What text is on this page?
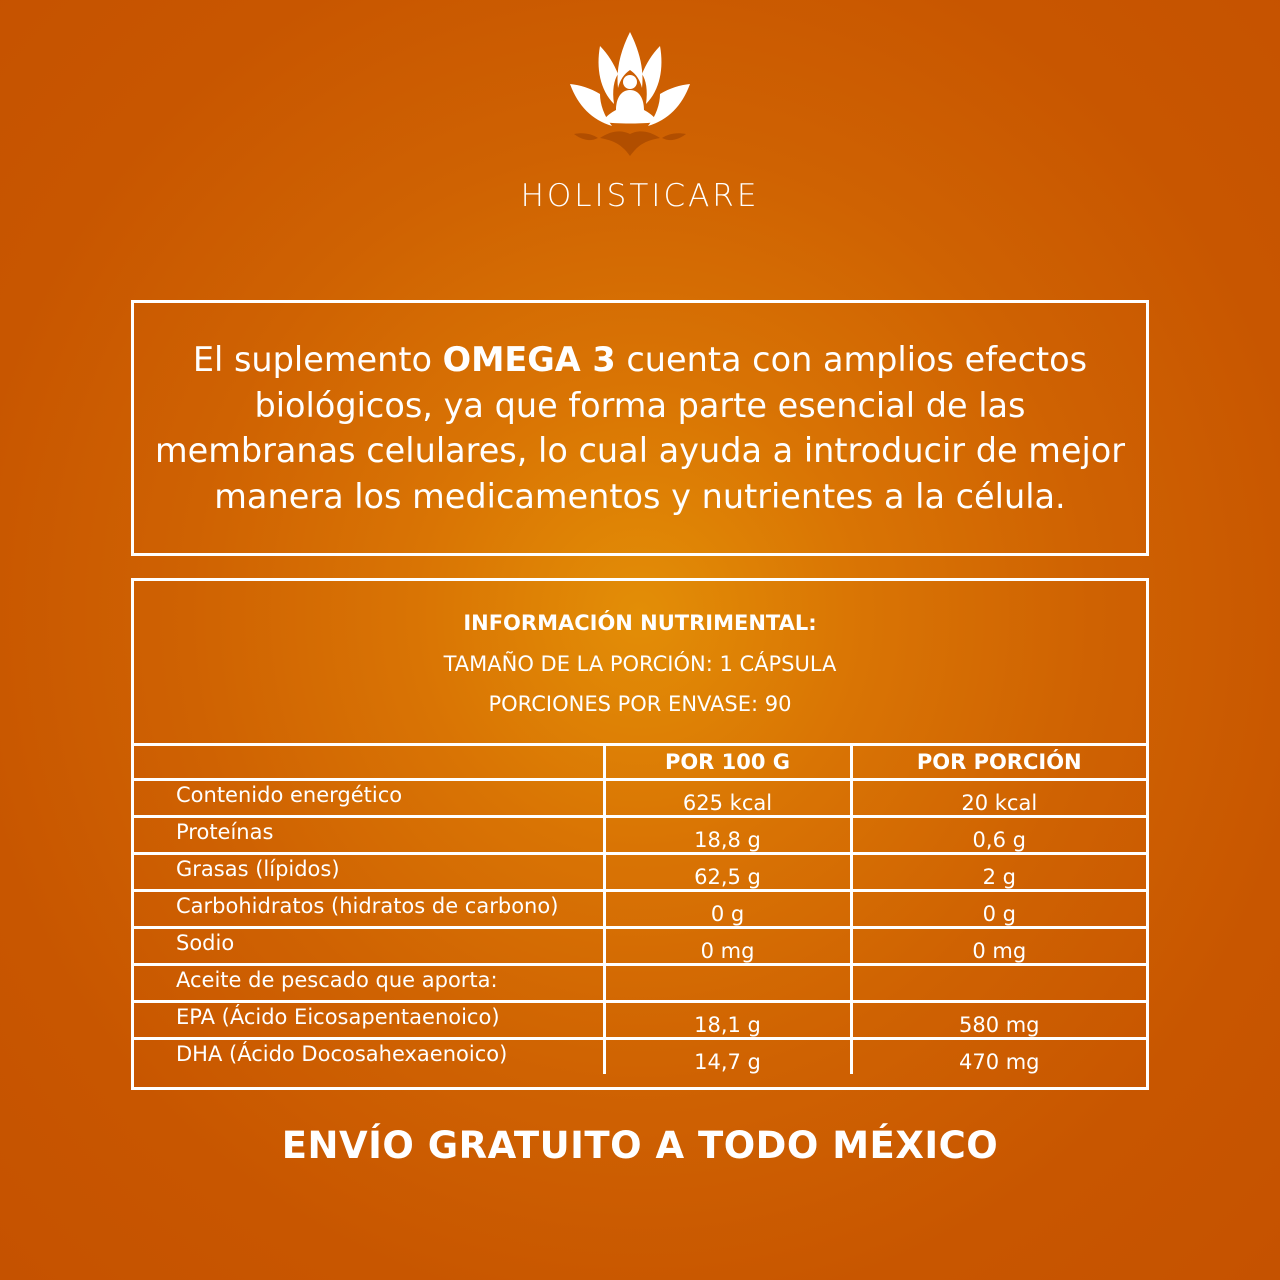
HOLISTICARE

El suplemento OMEGA 3 cuenta con amplios efectos biológicos, ya que forma parte esencial de las membranas celulares, lo cual ayuda a introducir de mejor manera los medicamentos y nutrientes a la célula.

INFORMACIÓN NUTRIMENTAL:
TAMAÑO DE LA PORCIÓN: 1 CÁPSULA
PORCIONES POR ENVASE: 90
	POR 100 G	POR PORCIÓN
Contenido energético	625 kcal	20 kcal
Proteínas	18,8 g	0,6 g
Grasas (lípidos)	62,5 g	2 g
Carbohidratos (hidratos de carbono)	0 g	0 g
Sodio	0 mg	0 mg
Aceite de pescado que aporta:		
EPA (Ácido Eicosapentaenoico)	18,1 g	580 mg
DHA (Ácido Docosahexaenoico)	14,7 g	470 mg
ENVÍO GRATUITO A TODO MÉXICO
